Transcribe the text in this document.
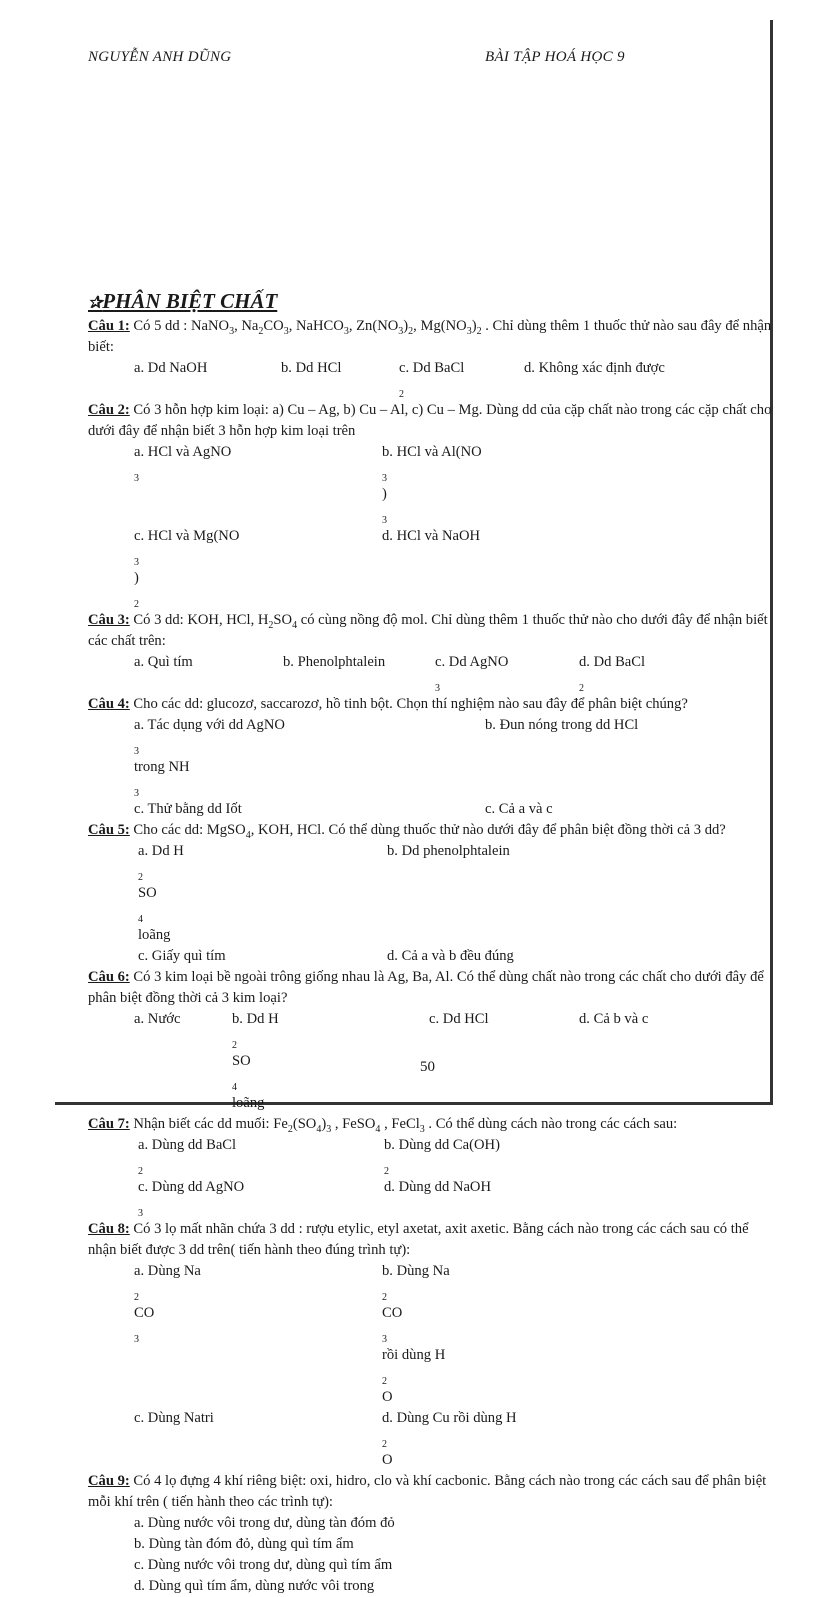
NGUYỄN ANH DŨNG	BÀI TẬP HOÁ HỌC 9
✰PHÂN BIỆT CHẤT

Câu 1: Có 5 dd : NaNO$_3$, $Na_2CO_3$, NaHCO$_3$, $Zn(NO_3)_2$, $Mg(NO_3)_2$ . Chỉ dùng thêm 1 thuốc thử nào sau đây để nhận biết:

a. Dd NaOH	b. Dd HCl	c. Dd BaCl
$_2$
d. Không xác định được

Câu 2: Có 3 hỗn hợp kim loại: a) Cu – Ag, b) Cu – Al, c) Cu – Mg. Dùng dd của cặp chất nào trong các cặp chất cho dưới đây để nhận biết 3 hỗn hợp kim loại trên

a. HCl và AgNO
$_3$
b. HCl và Al(NO
$_3$
)
$_3$
c. HCl và Mg(NO
$_3$
)
$_2$
d. HCl và NaOH

Câu 3: Có 3 dd: KOH, HCl, $H_2SO_4$ có cùng nồng độ mol. Chỉ dùng thêm 1 thuốc thử nào cho dưới đây để nhận biết các chất trên:

a. Quì tím	b. Phenolphtalein	c. Dd AgNO
$_3$
d. Dd BaCl
$_2$

Câu 4: Cho các dd: glucozơ, saccarozơ, hồ tinh bột. Chọn thí nghiệm nào sau đây để phân biệt chúng?

a. Tác dụng với dd AgNO
$_3$
trong NH
$_3$
b. Đun nóng trong dd HCl
c. Thử bằng dd Iốt	c. Cả a và c

Câu 5: Cho các dd: MgSO$_4$, KOH, HCl. Có thể dùng thuốc thử nào dưới đây để phân biệt đồng thời cả 3 dd?

a. Dd H
$_2$
SO
$_4$
loãng
b. Dd phenolphtalein
c. Giấy quì tím	d. Cả a và b đều đúng

Câu 6: Có 3 kim loại bề ngoài trông giống nhau là Ag, Ba, Al. Có thể dùng chất nào trong các chất cho dưới đây để phân biệt đồng thời cả 3 kim loại?

a. Nước	b. Dd H
$_2$
SO
$_4$
loãng
c. Dd HCl	d. Cả b và c

Câu 7: Nhận biết các dd muối: $Fe_2(SO_4)_3$ , FeSO$_4$ , FeCl$_3$ . Có thể dùng cách nào trong các cách sau:

a. Dùng dd BaCl
$_2$
b. Dùng dd Ca(OH)
$_2$
c. Dùng dd AgNO
$_3$
d. Dùng dd NaOH

Câu 8: Có 3 lọ mất nhãn chứa 3 dd : rượu etylic, etyl axetat, axit axetic. Bằng cách nào trong các cách sau có thể nhận biết được 3 dd trên( tiến hành theo đúng trình tự):

a. Dùng Na
$_2$
CO
$_3$
b. Dùng Na
$_2$
CO
$_3$
rồi dùng H
$_2$
O
c. Dùng Natri	d. Dùng Cu rồi dùng H
$_2$
O

Câu 9: Có 4 lọ đựng 4 khí riêng biệt: oxi, hidro, clo và khí cacbonic. Bằng cách nào trong các cách sau để phân biệt mỗi khí trên ( tiến hành theo các trình tự):

a. Dùng nước vôi trong dư, dùng tàn đóm đỏ
b. Dùng tàn đóm đỏ, dùng quì tím ẩm
c. Dùng nước vôi trong dư, dùng quì tím ẩm
d. Dùng quì tím ẩm, dùng nước vôi trong
50
